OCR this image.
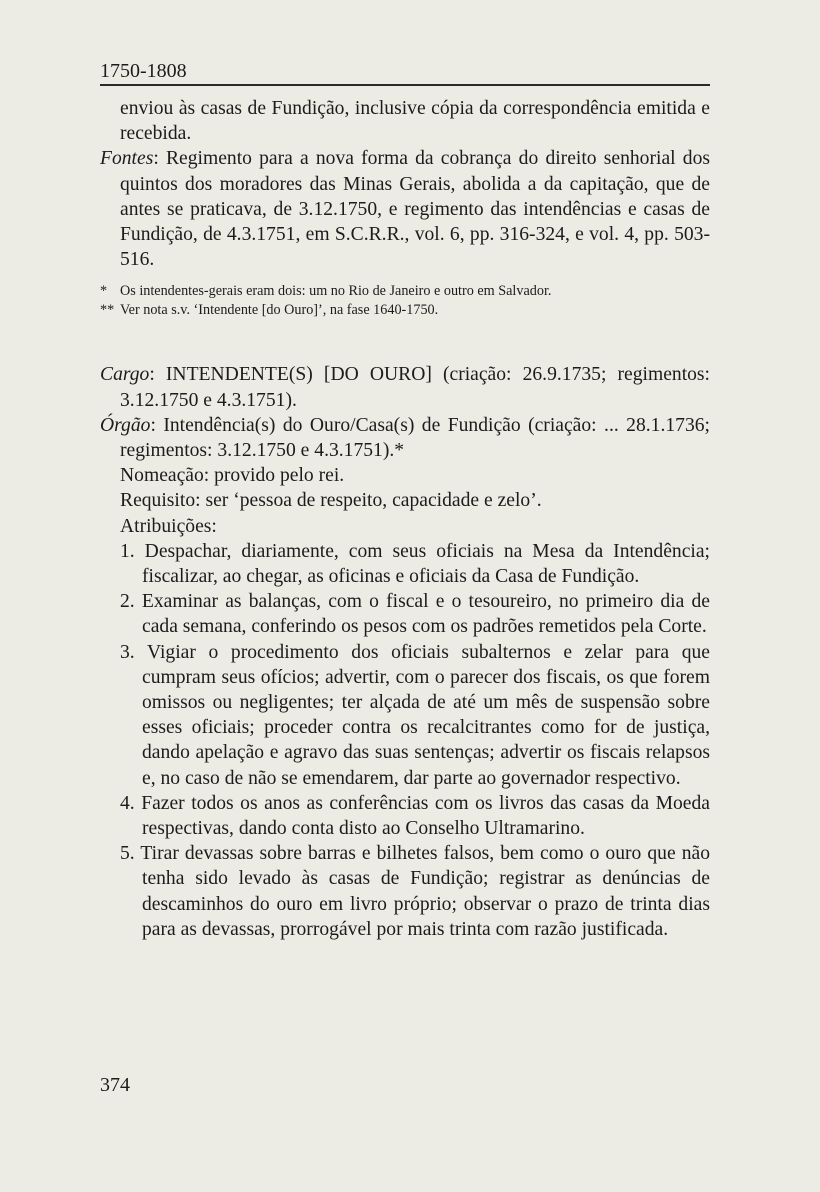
1750-1808

enviou às casas de Fundição, inclusive cópia da correspondência emitida e recebida.

Fontes: Regimento para a nova forma da cobrança do direito senhorial dos quintos dos moradores das Minas Gerais, abolida a da capitação, que de antes se praticava, de 3.12.1750, e regimento das intendências e casas de Fundição, de 4.3.1751, em S.C.R.R., vol. 6, pp. 316-324, e vol. 4, pp. 503-516.

* Os intendentes-gerais eram dois: um no Rio de Janeiro e outro em Salvador.
** Ver nota s.v. ‘Intendente [do Ouro]’, na fase 1640-1750.

Cargo: INTENDENTE(S) [DO OURO] (criação: 26.9.1735; regimentos: 3.12.1750 e 4.3.1751).

Órgão: Intendência(s) do Ouro/Casa(s) de Fundição (criação: ... 28.1.1736; regimentos: 3.12.1750 e 4.3.1751).*

Nomeação: provido pelo rei.

Requisito: ser ‘pessoa de respeito, capacidade e zelo’.

Atribuições:

1. Despachar, diariamente, com seus oficiais na Mesa da Intendência; fiscalizar, ao chegar, as oficinas e oficiais da Casa de Fundição.

2. Examinar as balanças, com o fiscal e o tesoureiro, no primeiro dia de cada semana, conferindo os pesos com os padrões remetidos pela Corte.

3. Vigiar o procedimento dos oficiais subalternos e zelar para que cumpram seus ofícios; advertir, com o parecer dos fiscais, os que forem omissos ou negligentes; ter alçada de até um mês de suspensão sobre esses oficiais; proceder contra os recalcitrantes como for de justiça, dando apelação e agravo das suas sentenças; advertir os fiscais relapsos e, no caso de não se emendarem, dar parte ao governador respectivo.

4. Fazer todos os anos as conferências com os livros das casas da Moeda respectivas, dando conta disto ao Conselho Ultramarino.

5. Tirar devassas sobre barras e bilhetes falsos, bem como o ouro que não tenha sido levado às casas de Fundição; registrar as denúncias de descaminhos do ouro em livro próprio; observar o prazo de trinta dias para as devassas, prorrogável por mais trinta com razão justificada.

374
